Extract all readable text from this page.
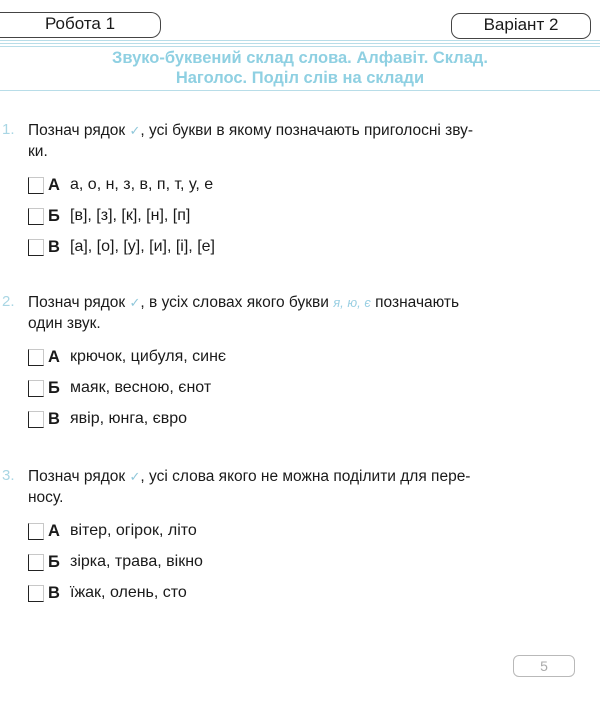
Робота 1	Варіант 2
Звуко-буквений склад слова. Алфавіт. Склад.
Наголос. Поділ слів на склади
1. Познач рядок ✓, усі букви в якому позначають приголосні зву-
ки.
А а, о, н, з, в, п, т, у, е
Б [в], [з], [к], [н], [п]
В [а], [о], [у], [и], [і], [е]
2. Познач рядок ✓, в усіх словах якого букви я, ю, є позначають
один звук.
А крючок, цибуля, синє
Б маяк, весною, єнот
В явір, юнга, євро
3. Познач рядок ✓, усі слова якого не можна поділити для пере-
носу.
А вітер, огірок, літо
Б зірка, трава, вікно
В їжак, олень, сто
5
